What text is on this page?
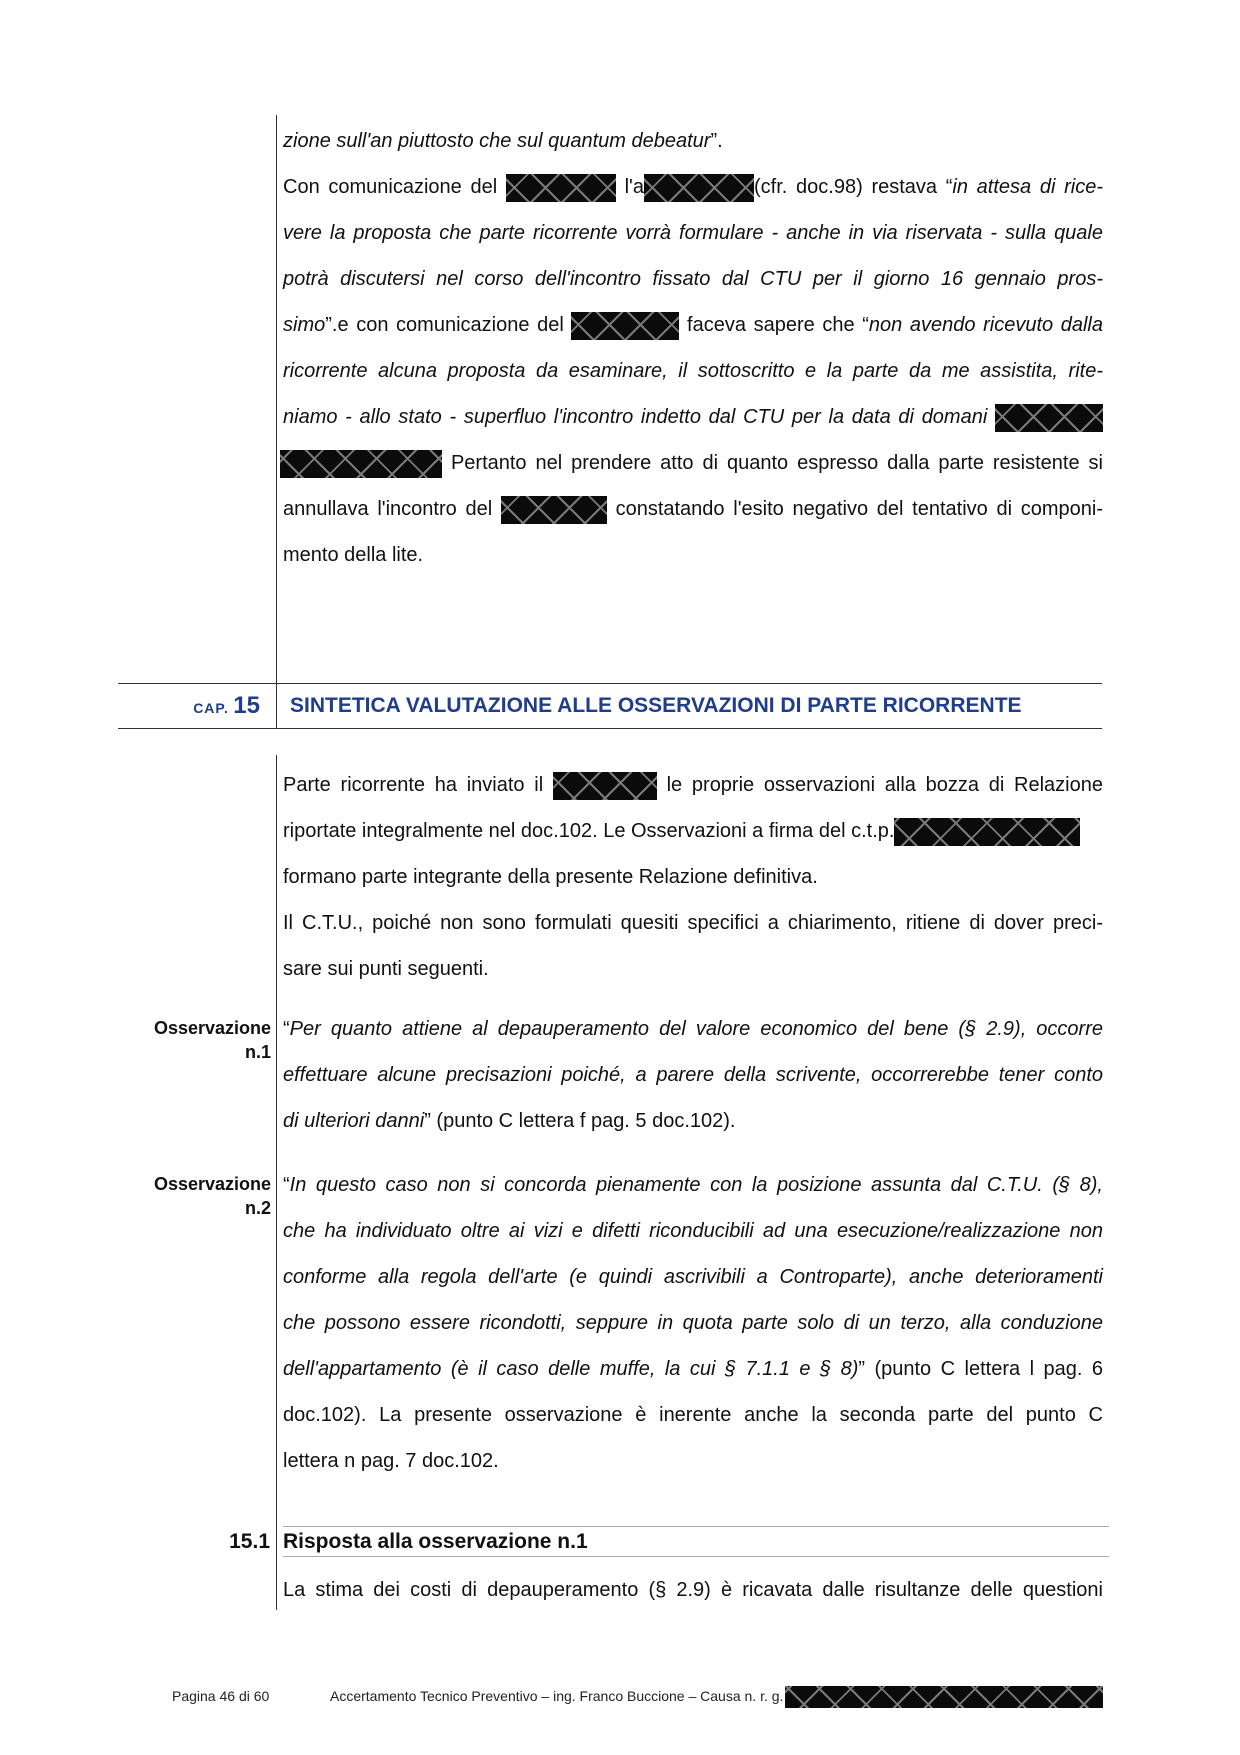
zione sull'an piuttosto che sul quantum debeatur”.
Con comunicazione del	l'a	(cfr. doc.98) restava “in attesa di rice-
vere la proposta che parte ricorrente vorrà formulare - anche in via riservata - sulla quale
potrà discutersi nel corso dell'incontro fissato dal CTU per il giorno 16 gennaio pros-
simo”.e con comunicazione del	faceva sapere che “non avendo ricevuto dalla
ricorrente alcuna proposta da esaminare, il sottoscritto e la parte da me assistita, rite-
niamo - allo stato - superfluo l'incontro indetto dal CTU per la data di domani
Pertanto nel prendere atto di quanto espresso dalla parte resistente si
annullava l'incontro del	constatando l'esito negativo del tentativo di componi-
mento della lite.
CAP. 15 SINTETICA VALUTAZIONE ALLE OSSERVAZIONI DI PARTE RICORRENTE
Parte ricorrente ha inviato il	le proprie osservazioni alla bozza di Relazione
riportate integralmente nel doc.102. Le Osservazioni a firma del c.t.p.
formano parte integrante della presente Relazione definitiva.
Il C.T.U., poiché non sono formulati quesiti specifici a chiarimento, ritiene di dover preci-
sare sui punti seguenti.
Osservazione
n.1
“Per quanto attiene al depauperamento del valore economico del bene (§ 2.9), occorre
effettuare alcune precisazioni poiché, a parere della scrivente, occorrerebbe tener conto
di ulteriori danni” (punto C lettera f pag. 5 doc.102).
Osservazione
n.2
“In questo caso non si concorda pienamente con la posizione assunta dal C.T.U. (§ 8),
che ha individuato oltre ai vizi e difetti riconducibili ad una esecuzione/realizzazione non
conforme alla regola dell'arte (e quindi ascrivibili a Controparte), anche deterioramenti
che possono essere ricondotti, seppure in quota parte solo di un terzo, alla conduzione
dell'appartamento (è il caso delle muffe, la cui § 7.1.1 e § 8)” (punto C lettera l pag. 6
doc.102). La presente osservazione è inerente anche la seconda parte del punto C
lettera n pag. 7 doc.102.
15.1 Risposta alla osservazione n.1
La stima dei costi di depauperamento (§ 2.9) è ricavata dalle risultanze delle questioni
Pagina 46 di 60	Accertamento Tecnico Preventivo – ing. Franco Buccione – Causa n. r. g.
